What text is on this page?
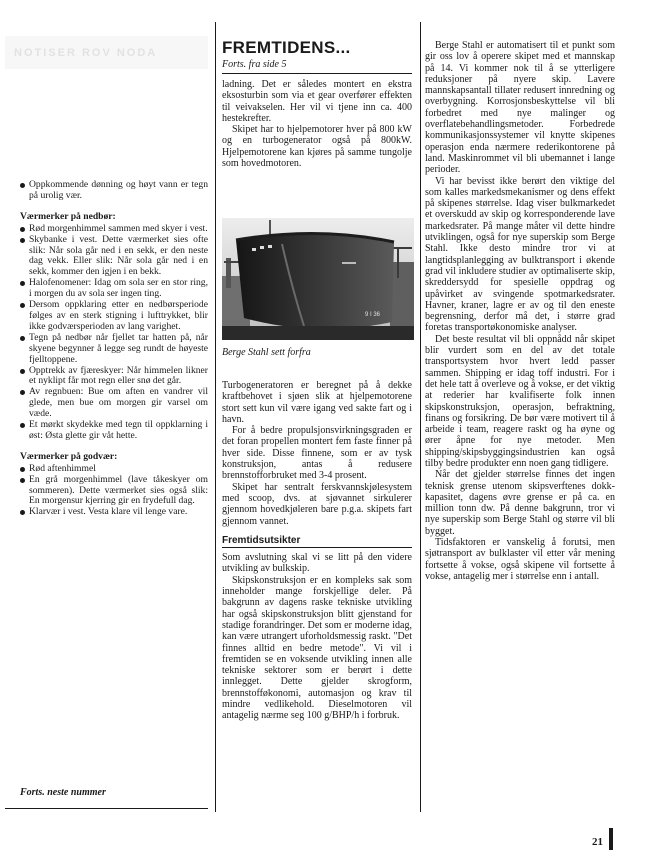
NOTISER ROV NODA
Oppkommende dønning og høyt vann er tegn på urolig vær.
Værmerker på nedbør:
Rød morgenhimmel sammen med skyer i vest.
Skybanke i vest. Dette værmerket sies ofte slik: Når sola går ned i en sekk, er den neste dag vekk. Eller slik: Når sola går ned i en sekk, kommer den igjen i en bekk.
Halofenomener: Idag om sola ser en stor ring, i morgen du av sola ser ingen ting.
Dersom oppklaring etter en nedbørsperiode følges av en sterk stigning i lufttrykket, blir ikke godværsperioden av lang varighet.
Tegn på nedbør når fjellet tar hatten på, når skyene begynner å legge seg rundt de høyeste fjelltoppene.
Opptrekk av fjæreskyer: Når himmelen likner et nyklipt får mot regn eller snø det går.
Av regnbuen: Bue om aften en vandrer vil glede, men bue om morgen gir varsel om væde.
Et mørkt skydekke med tegn til oppklarning i øst: Østa glette gir våt hette.
Værmerker på godvær:
Rød aftenhimmel
En grå morgenhimmel (lave tåkeskyer om sommeren). Dette værmerket sies også slik: En morgensur kjerring gir en frydefull dag.
Klarvær i vest. Vesta klare vil lenge vare.
Forts. neste nummer
FREMTIDENS...
Forts. fra side 5

ladning. Det er således montert en ekstra eksosturbin som via et gear overfører effekten til veivakselen. Her vil vi tjene inn ca. 400 hestekrefter.

Skipet har to hjelpemotorer hver på 800 kW og en turbogenerator også på 800kW. Hjelpemotorene kan kjøres på samme tungolje som hovedmotoren.

9 I 36
Berge Stahl sett forfra

Turbogeneratoren er beregnet på å dekke kraftbehovet i sjøen slik at hjelpemotorene stort sett kun vil være igang ved sakte fart og i havn.

For å bedre propulsjonsvirkningsgraden er det foran propellen montert fem faste finner på hver side. Disse finnene, som er av tysk konstruksjon, antas å redusere brennstofforbruket med 3-4 prosent.

Skipet har sentralt ferskvannskjølesystem med scoop, dvs. at sjøvannet sirkulerer gjennom hovedkjøleren bare p.g.a. skipets fart gjennom vannet.

Fremtidsutsikter

Som avslutning skal vi se litt på den videre utvikling av bulkskip.

Skipskonstruksjon er en kompleks sak som inneholder mange forskjellige deler. På bakgrunn av dagens raske tekniske utvikling har også skipskonstruksjon blitt gjenstand for stadige forandringer. Det som er moderne idag, kan være utrangert uforholdsmessig raskt. "Det finnes alltid en bedre metode". Vi vil i fremtiden se en voksende utvikling innen alle tekniske sektorer som er berørt i dette innlegget. Dette gjelder skrogform, brennstofføkonomi, automasjon og krav til mindre vedlikehold. Dieselmotoren vil antagelig nærme seg 100 g/BHP/h i forbruk.

Berge Stahl er automatisert til et punkt som gir oss lov å operere skipet med et mannskap på 14. Vi kommer nok til å se ytterligere reduksjoner på nyere skip. Lavere mannskapsantall tillater redusert innredning og overbygning. Korrosjonsbeskyttelse vil bli forbedret med nye malinger og overflatebehandlingsmetoder. Forbedrede kommunikasjonssystemer vil knytte skipenes operasjon enda nærmere rederikontorene på land. Maskinrommet vil bli ubemannet i lange perioder.

Vi har bevisst ikke berørt den viktige del som kalles markedsmekanismer og dens effekt på skipenes størrelse. Idag viser bulkmarkedet et overskudd av skip og korresponderende lave markedsrater. På mange måter vil dette hindre utviklingen, også for nye superskip som Berge Stahl. Ikke desto mindre tror vi at langtidsplanlegging av bulktransport i økende grad vil inkludere studier av optimaliserte skip, skreddersydd for spesielle oppdrag og upåvirket av svingende spotmarkedsrater. Havner, kraner, lagre er av og til den eneste begrensning, derfor må det, i større grad foretas transportøkonomiske analyser.

Det beste resultat vil bli oppnådd når skipet blir vurdert som en del av det totale transportsystem hvor hvert ledd passer sammen. Shipping er idag toff industri. For i det hele tatt å overleve og å vokse, er det viktig at rederier har kvalifiserte folk innen skipskonstruksjon, operasjon, befraktning, finans og forsikring. De bør være motivert til å arbeide i team, reagere raskt og ha øyne og ører åpne for nye metoder. Men shipping/skipsbyggingsindustrien kan også tilby bedre produkter enn noen gang tidligere.

Når det gjelder størrelse finnes det ingen teknisk grense utenom skipsverftenes dokk-kapasitet, dagens øvre grense er på ca. en million tonn dw. På denne bakgrunn, tror vi nye superskip som Berge Stahl og større vil bli bygget.

Tidsfaktoren er vanskelig å forutsi, men sjøtransport av bulklaster vil etter vår mening fortsette å vokse, også skipene vil fortsette å vokse, antagelig mer i størrelse enn i antall.

21
